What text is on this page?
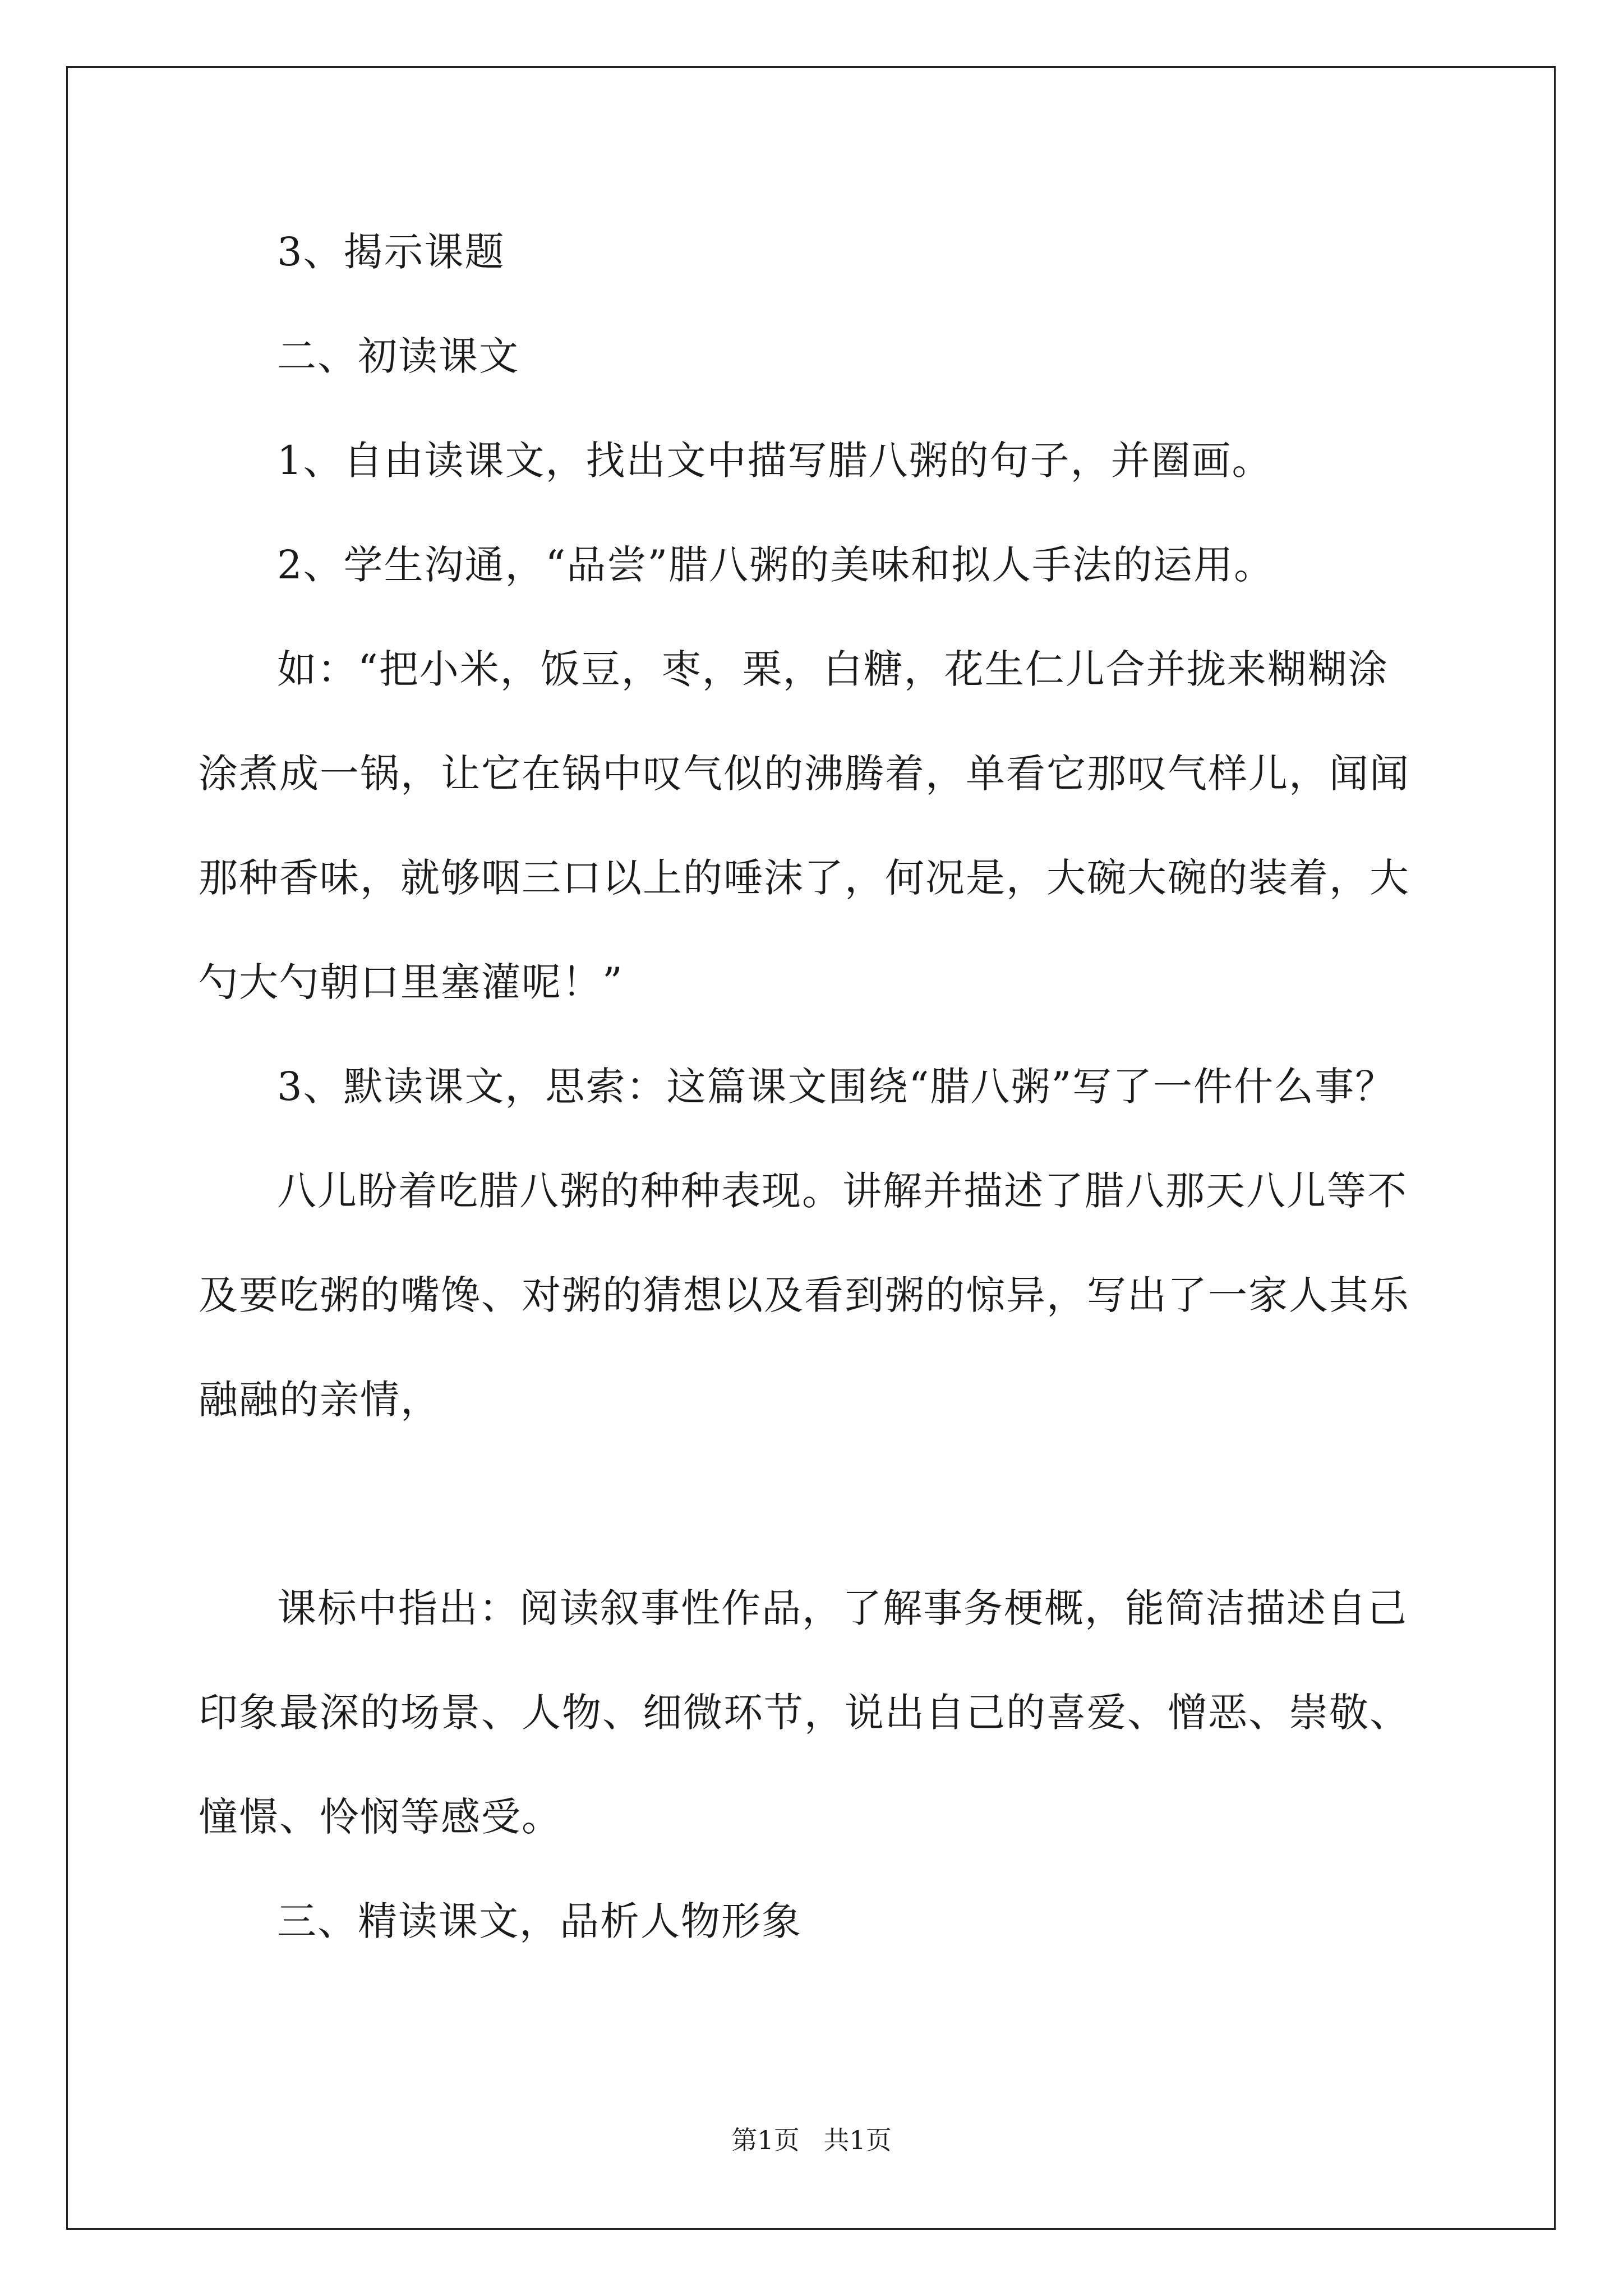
3、揭示课题
二、初读课文
1、自由读课文，找出文中描写腊八粥的句子，并圈画。
2、学生沟通，“品尝”腊八粥的美味和拟人手法的运用。
如：“把小米，饭豆，枣，栗，白糖，花生仁儿合并拢来糊糊涂涂煮成一锅，让它在锅中叹气似的沸腾着，单看它那叹气样儿，闻闻那种香味，就够咽三口以上的唾沫了，何况是，大碗大碗的装着，大勺大勺朝口里塞灌呢！”
3、默读课文，思索：这篇课文围绕“腊八粥”写了一件什么事？
八儿盼着吃腊八粥的种种表现。讲解并描述了腊八那天八儿等不及要吃粥的嘴馋、对粥的猜想以及看到粥的惊异，写出了一家人其乐融融的亲情，
课标中指出：阅读叙事性作品，了解事务梗概，能简洁描述自己印象最深的场景、人物、细微环节，说出自己的喜爱、憎恶、崇敬、憧憬、怜悯等感受。
三、精读课文，品析人物形象
第1页 共1页
